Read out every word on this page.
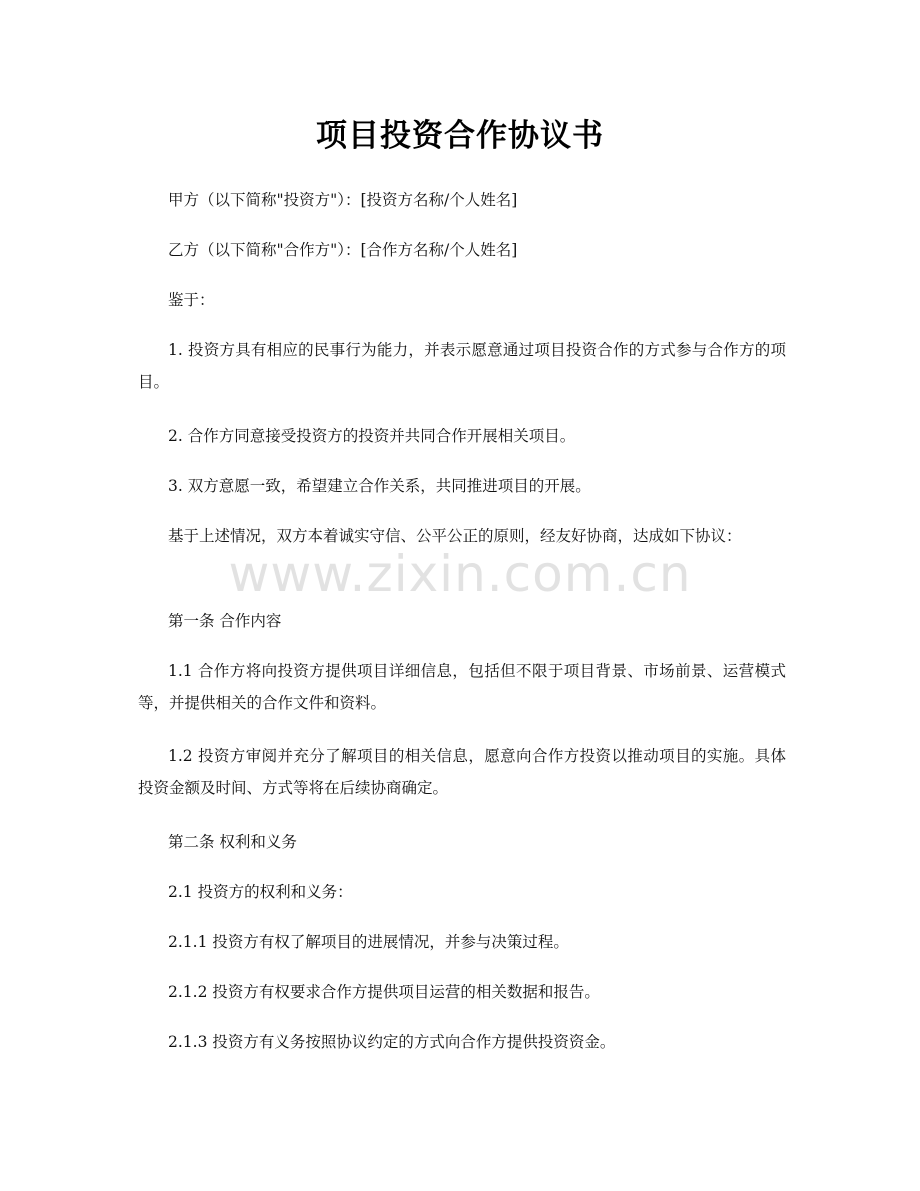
项目投资合作协议书

甲方（以下简称"投资方"）：[投资方名称/个人姓名]

乙方（以下简称"合作方"）：[合作方名称/个人姓名]

鉴于：

1. 投资方具有相应的民事行为能力，并表示愿意通过项目投资合作的方式参与合作方的项目。

2. 合作方同意接受投资方的投资并共同合作开展相关项目。

3. 双方意愿一致，希望建立合作关系，共同推进项目的开展。

基于上述情况，双方本着诚实守信、公平公正的原则，经友好协商，达成如下协议：

第一条 合作内容

1.1 合作方将向投资方提供项目详细信息，包括但不限于项目背景、市场前景、运营模式等，并提供相关的合作文件和资料。

1.2 投资方审阅并充分了解项目的相关信息，愿意向合作方投资以推动项目的实施。具体投资金额及时间、方式等将在后续协商确定。

第二条 权利和义务

2.1 投资方的权利和义务：

2.1.1 投资方有权了解项目的进展情况，并参与决策过程。

2.1.2 投资方有权要求合作方提供项目运营的相关数据和报告。

2.1.3 投资方有义务按照协议约定的方式向合作方提供投资资金。

www.zixin.com.cn
